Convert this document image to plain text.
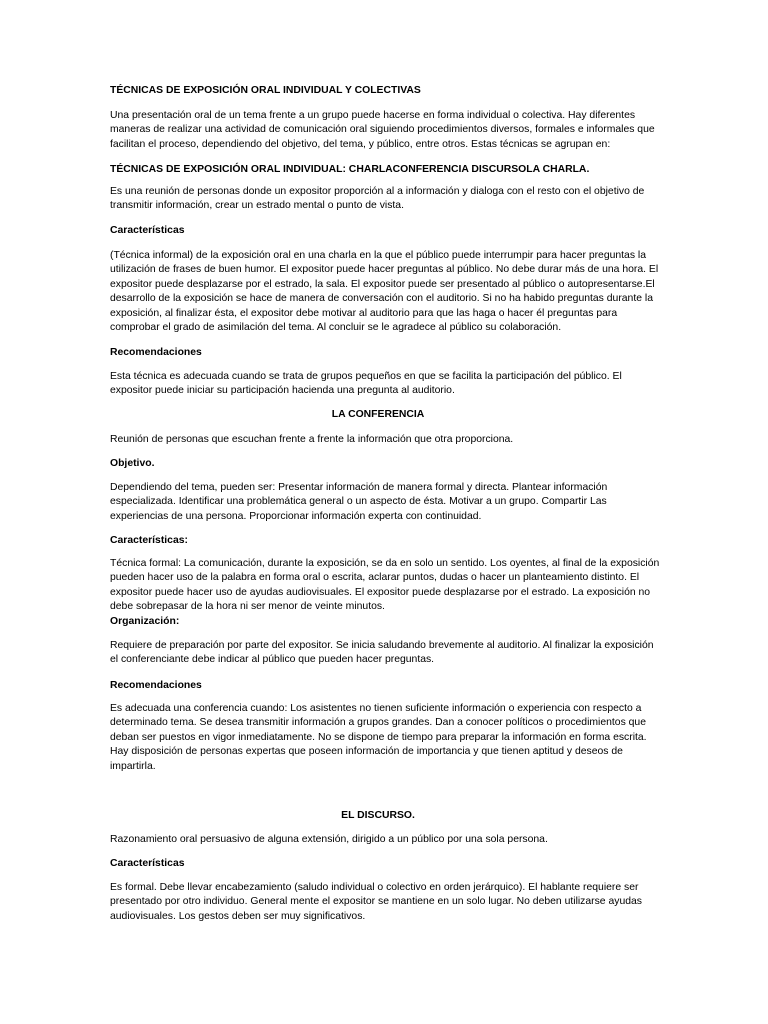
TÉCNICAS DE EXPOSICIÓN ORAL INDIVIDUAL Y COLECTIVAS

Una presentación oral de un tema frente a un grupo puede hacerse en forma individual o colectiva. Hay diferentes maneras de realizar una actividad de comunicación oral siguiendo procedimientos diversos, formales e informales que facilitan el proceso, dependiendo del objetivo, del tema, y público, entre otros. Estas técnicas se agrupan en:

TÉCNICAS DE EXPOSICIÓN ORAL INDIVIDUAL: CHARLACONFERENCIA DISCURSOLA CHARLA.

Es una reunión de personas donde un expositor proporción al a información y dialoga con el resto con el objetivo de transmitir información, crear un estrado mental o punto de vista.

Características

(Técnica informal) de la exposición oral en una charla en la que el público puede interrumpir para hacer preguntas la utilización de frases de buen humor. El expositor puede hacer preguntas al público. No debe durar más de una hora. El expositor puede desplazarse por el estrado, la sala. El expositor puede ser presentado al público o autopresentarse.El desarrollo de la exposición se hace de manera de conversación con el auditorio. Si no ha habido preguntas durante la exposición, al finalizar ésta, el expositor debe motivar al auditorio para que las haga o hacer él preguntas para comprobar el grado de asimilación del tema. Al concluir se le agradece al público su colaboración.

Recomendaciones

Esta técnica es adecuada cuando se trata de grupos pequeños en que se facilita la participación del público. El expositor puede iniciar su participación hacienda una pregunta al auditorio.

LA CONFERENCIA

Reunión de personas que escuchan frente a frente la información que otra proporciona.

Objetivo.

Dependiendo del tema, pueden ser: Presentar información de manera formal y directa. Plantear información especializada. Identificar una problemática general o un aspecto de ésta. Motivar a un grupo. Compartir Las experiencias de una persona. Proporcionar información experta con continuidad.

Características:

Técnica formal: La comunicación, durante la exposición, se da en solo un sentido. Los oyentes, al final de la exposición pueden hacer uso de la palabra en forma oral o escrita, aclarar puntos, dudas o hacer un planteamiento distinto. El expositor puede hacer uso de ayudas audiovisuales. El expositor puede desplazarse por el estrado. La exposición no debe sobrepasar de la hora ni ser menor de veinte minutos.

Organización:

Requiere de preparación por parte del expositor. Se inicia saludando brevemente al auditorio. Al finalizar la exposición el conferenciante debe indicar al público que pueden hacer preguntas.

Recomendaciones

Es adecuada una conferencia cuando: Los asistentes no tienen suficiente información o experiencia con respecto a determinado tema. Se desea transmitir información a grupos grandes. Dan a conocer políticos o procedimientos que deban ser puestos en vigor inmediatamente. No se dispone de tiempo para preparar la información en forma escrita. Hay disposición de personas expertas que poseen información de importancia y que tienen aptitud y deseos de impartirla.

EL DISCURSO.

Razonamiento oral persuasivo de alguna extensión, dirigido a un público por una sola persona.

Características

Es formal. Debe llevar encabezamiento (saludo individual o colectivo en orden jerárquico). El hablante requiere ser presentado por otro individuo. General mente el expositor se mantiene en un solo lugar. No deben utilizarse ayudas audiovisuales. Los gestos deben ser muy significativos.
